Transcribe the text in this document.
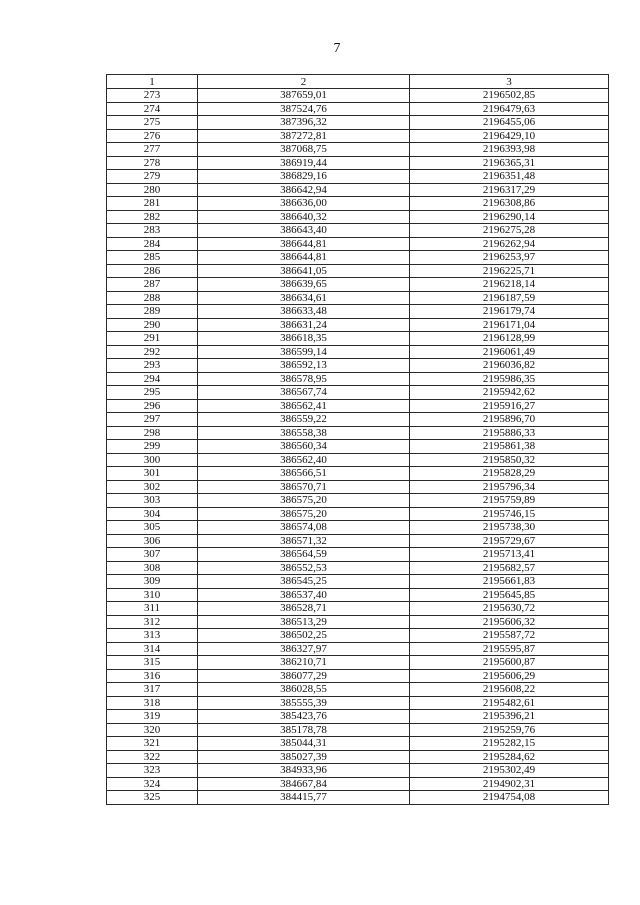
7
1	2	3
273	387659,01	2196502,85
274	387524,76	2196479,63
275	387396,32	2196455,06
276	387272,81	2196429,10
277	387068,75	2196393,98
278	386919,44	2196365,31
279	386829,16	2196351,48
280	386642,94	2196317,29
281	386636,00	2196308,86
282	386640,32	2196290,14
283	386643,40	2196275,28
284	386644,81	2196262,94
285	386644,81	2196253,97
286	386641,05	2196225,71
287	386639,65	2196218,14
288	386634,61	2196187,59
289	386633,48	2196179,74
290	386631,24	2196171,04
291	386618,35	2196128,99
292	386599,14	2196061,49
293	386592,13	2196036,82
294	386578,95	2195986,35
295	386567,74	2195942,62
296	386562,41	2195916,27
297	386559,22	2195896,70
298	386558,38	2195886,33
299	386560,34	2195861,38
300	386562,40	2195850,32
301	386566,51	2195828,29
302	386570,71	2195796,34
303	386575,20	2195759,89
304	386575,20	2195746,15
305	386574,08	2195738,30
306	386571,32	2195729,67
307	386564,59	2195713,41
308	386552,53	2195682,57
309	386545,25	2195661,83
310	386537,40	2195645,85
311	386528,71	2195630,72
312	386513,29	2195606,32
313	386502,25	2195587,72
314	386327,97	2195595,87
315	386210,71	2195600,87
316	386077,29	2195606,29
317	386028,55	2195608,22
318	385555,39	2195482,61
319	385423,76	2195396,21
320	385178,78	2195259,76
321	385044,31	2195282,15
322	385027,39	2195284,62
323	384933,96	2195302,49
324	384667,84	2194902,31
325	384415,77	2194754,08
